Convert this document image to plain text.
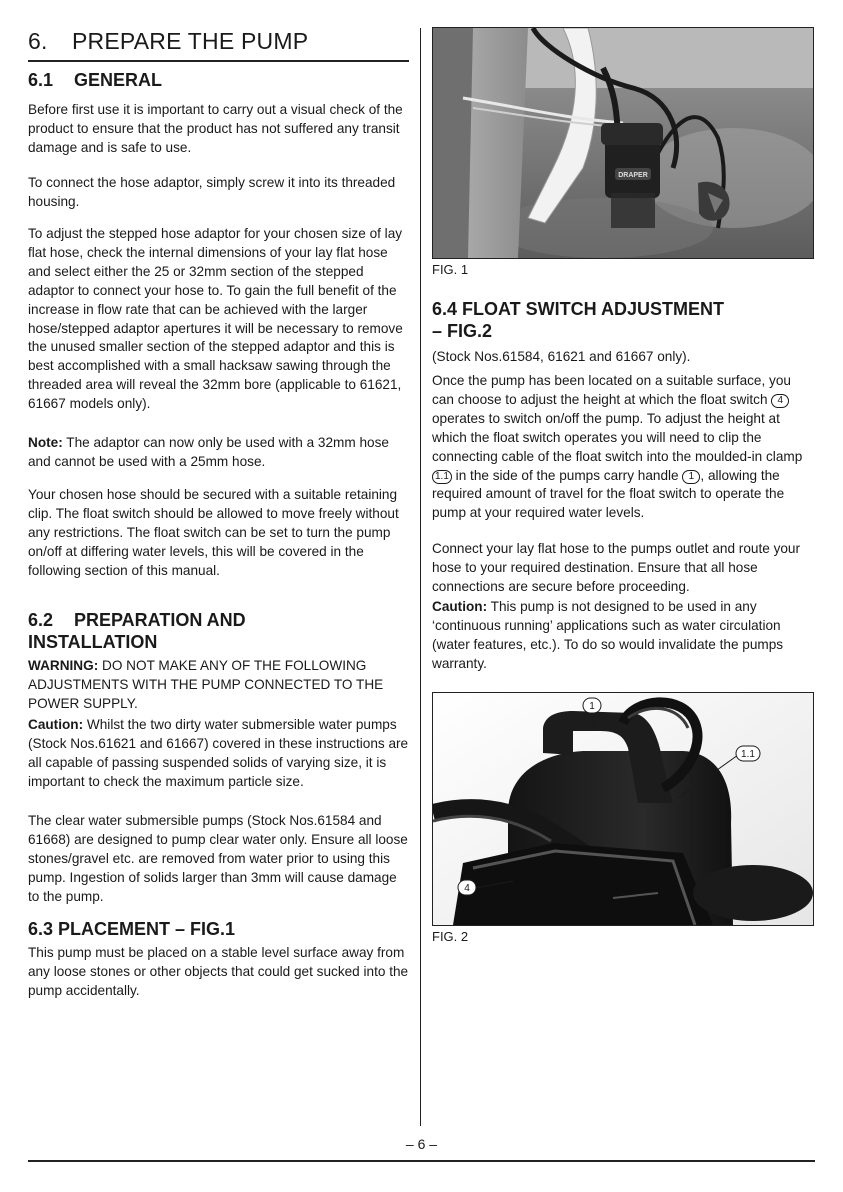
6. PREPARE THE PUMP
6.1 GENERAL

Before first use it is important to carry out a visual check of the product to ensure that the product has not suffered any transit damage and is safe to use.

To connect the hose adaptor, simply screw it into its threaded housing.

To adjust the stepped hose adaptor for your chosen size of lay flat hose, check the internal dimensions of your lay flat hose and select either the 25 or 32mm section of the stepped adaptor to connect your hose to. To gain the full benefit of the increase in flow rate that can be achieved with the larger hose/stepped adaptor apertures it will be necessary to remove the unused smaller section of the stepped adaptor and this is best accomplished with a small hacksaw sawing through the threaded area will reveal the 32mm bore (applicable to 61621, 61667 models only).

Note: The adaptor can now only be used with a 32mm hose and cannot be used with a 25mm hose.

Your chosen hose should be secured with a suitable retaining clip. The float switch should be allowed to move freely without any restrictions. The float switch can be set to turn the pump on/off at differing water levels, this will be covered in the following section of this manual.

6.2 PREPARATION AND
INSTALLATION

WARNING: DO NOT MAKE ANY OF THE FOLLOWING ADJUSTMENTS WITH THE PUMP CONNECTED TO THE POWER SUPPLY.

Caution: Whilst the two dirty water submersible water pumps (Stock Nos.61621 and 61667) covered in these instructions are all capable of passing suspended solids of varying size, it is important to check the maximum particle size.

The clear water submersible pumps (Stock Nos.61584 and 61668) are designed to pump clear water only. Ensure all loose stones/gravel etc. are removed from water prior to using this pump. Ingestion of solids larger than 3mm will cause damage to the pump.

6.3 PLACEMENT – FIG.1

This pump must be placed on a stable level surface away from any loose stones or other objects that could get sucked into the pump accidentally.

DRAPER
FIG. 1
6.4 FLOAT SWITCH ADJUSTMENT
– FIG.2

(Stock Nos.61584, 61621 and 61667 only).

Once the pump has been located on a suitable surface, you can choose to adjust the height at which the float switch 4 operates to switch on/off the pump. To adjust the height at which the float switch operates you will need to clip the connecting cable of the float switch into the moulded-in clamp 1.1 in the side of the pumps carry handle 1 , allowing the required amount of travel for the float switch to operate the pump at your required water levels.

Connect your lay flat hose to the pumps outlet and route your hose to your required destination. Ensure that all hose connections are secure before proceeding.

Caution: This pump is not designed to be used in any ‘continuous running’ applications such as water circulation (water features, etc.). To do so would invalidate the pumps warranty.

1
1.1
4
FIG. 2
– 6 –
